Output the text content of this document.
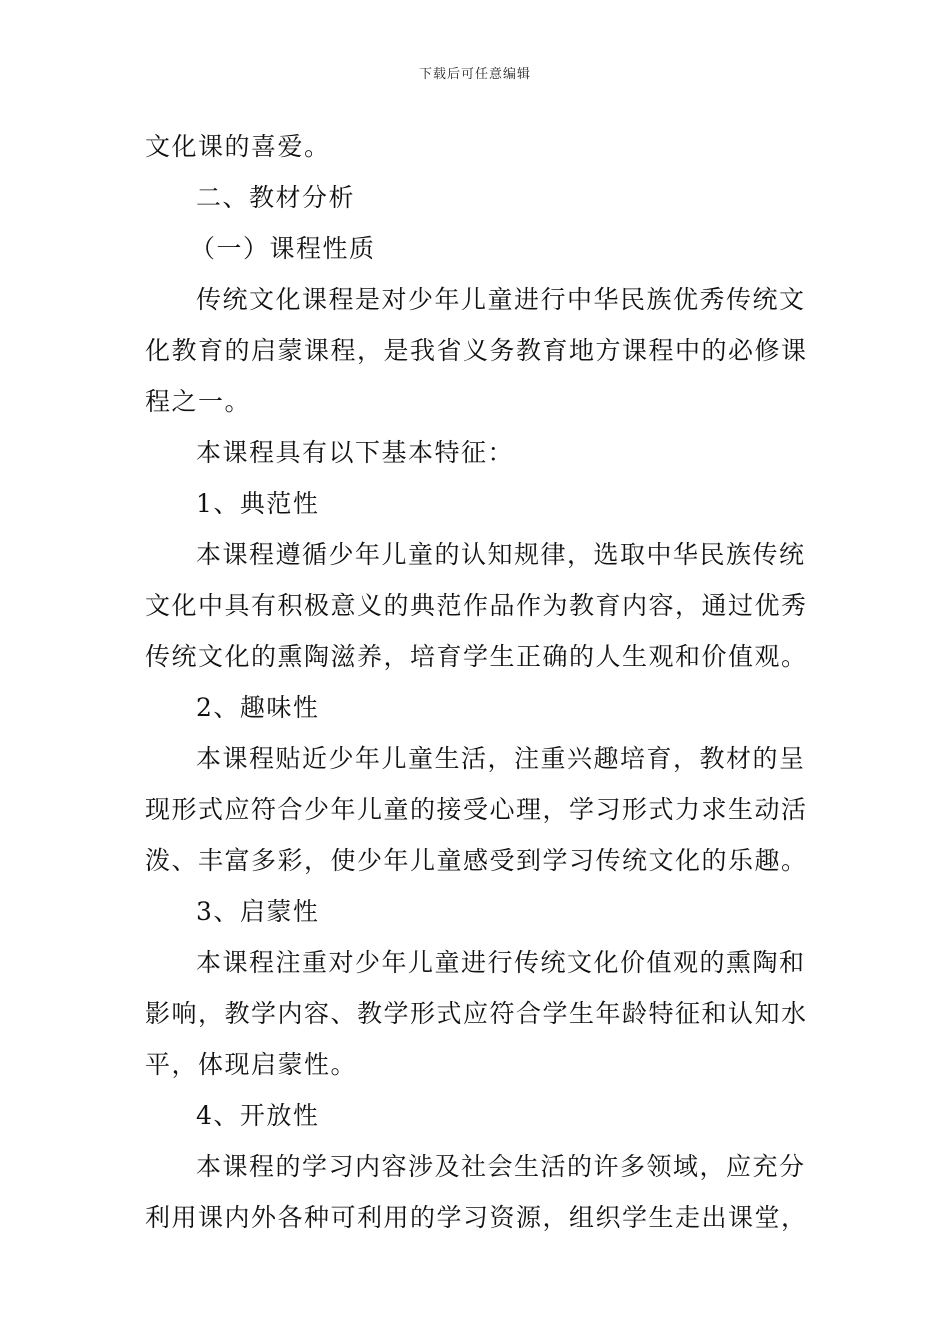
下载后可任意编辑
文化课的喜爱。
二、教材分析
（一）课程性质
传统文化课程是对少年儿童进行中华民族优秀传统文
化教育的启蒙课程，是我省义务教育地方课程中的必修课
程之一。
本课程具有以下基本特征：
1、典范性
本课程遵循少年儿童的认知规律，选取中华民族传统
文化中具有积极意义的典范作品作为教育内容，通过优秀
传统文化的熏陶滋养，培育学生正确的人生观和价值观。
2、趣味性
本课程贴近少年儿童生活，注重兴趣培育，教材的呈
现形式应符合少年儿童的接受心理，学习形式力求生动活
泼、丰富多彩，使少年儿童感受到学习传统文化的乐趣。
3、启蒙性
本课程注重对少年儿童进行传统文化价值观的熏陶和
影响，教学内容、教学形式应符合学生年龄特征和认知水
平，体现启蒙性。
4、开放性
本课程的学习内容涉及社会生活的许多领域，应充分
利用课内外各种可利用的学习资源，组织学生走出课堂，
